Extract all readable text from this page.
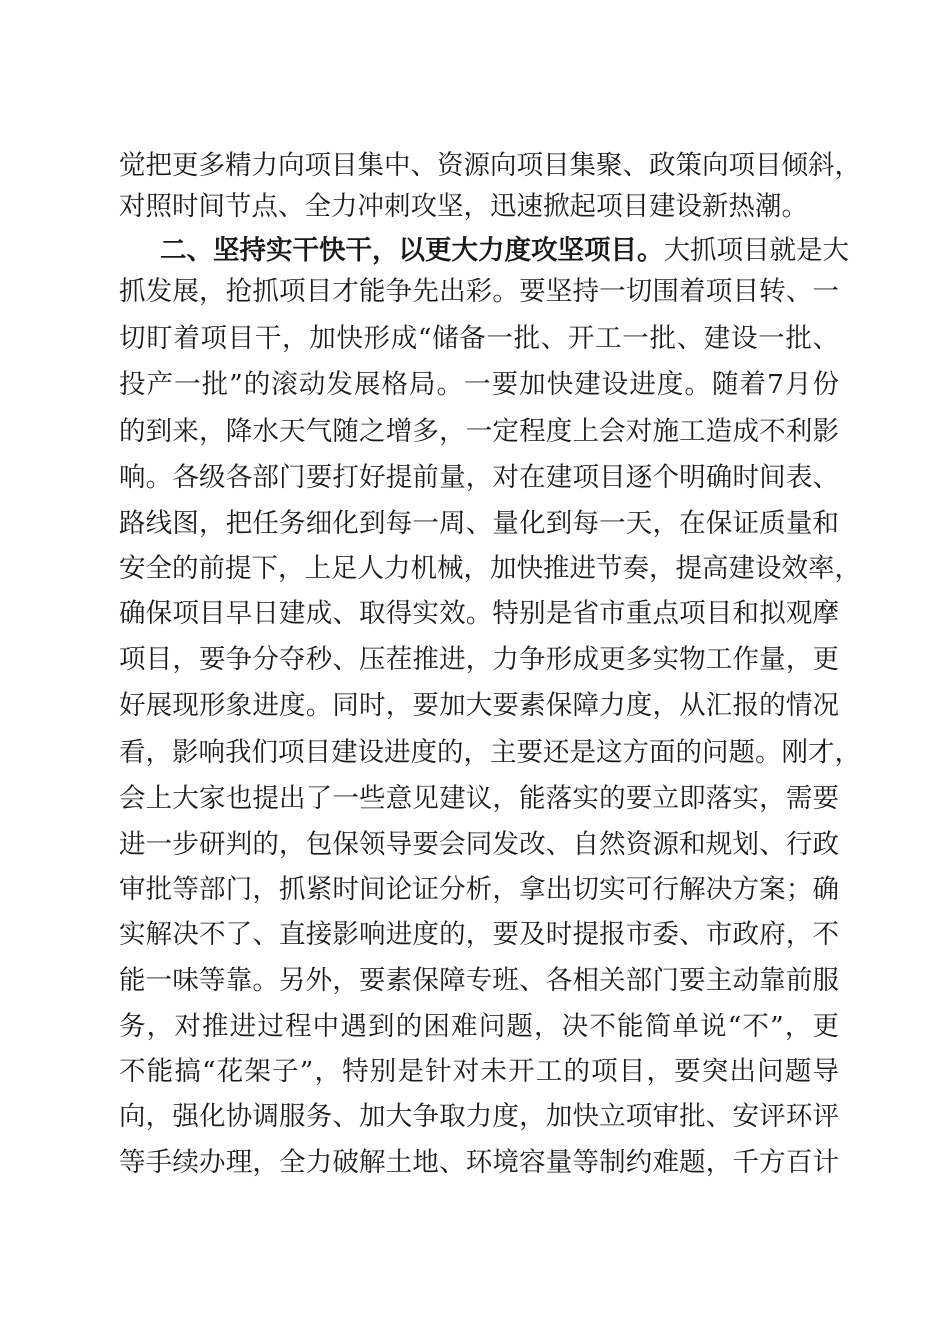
觉把更多精力向项目集中、资源向项目集聚、政策向项目倾斜，
对照时间节点、全力冲刺攻坚，迅速掀起项目建设新热潮。
二、坚持实干快干，以更大力度攻坚项目。大抓项目就是大
抓发展，抢抓项目才能争先出彩。要坚持一切围着项目转、一
切盯着项目干，加快形成“储备一批、开工一批、建设一批、
投产一批”的滚动发展格局。一要加快建设进度。随着7月份
的到来，降水天气随之增多，一定程度上会对施工造成不利影
响。各级各部门要打好提前量，对在建项目逐个明确时间表、
路线图，把任务细化到每一周、量化到每一天，在保证质量和
安全的前提下，上足人力机械，加快推进节奏，提高建设效率，
确保项目早日建成、取得实效。特别是省市重点项目和拟观摩
项目，要争分夺秒、压茬推进，力争形成更多实物工作量，更
好展现形象进度。同时，要加大要素保障力度，从汇报的情况
看，影响我们项目建设进度的，主要还是这方面的问题。刚才，
会上大家也提出了一些意见建议，能落实的要立即落实，需要
进一步研判的，包保领导要会同发改、自然资源和规划、行政
审批等部门，抓紧时间论证分析，拿出切实可行解决方案；确
实解决不了、直接影响进度的，要及时提报市委、市政府，不
能一味等靠。另外，要素保障专班、各相关部门要主动靠前服
务，对推进过程中遇到的困难问题，决不能简单说“不”，更
不能搞“花架子”，特别是针对未开工的项目，要突出问题导
向，强化协调服务、加大争取力度，加快立项审批、安评环评
等手续办理，全力破解土地、环境容量等制约难题，千方百计
